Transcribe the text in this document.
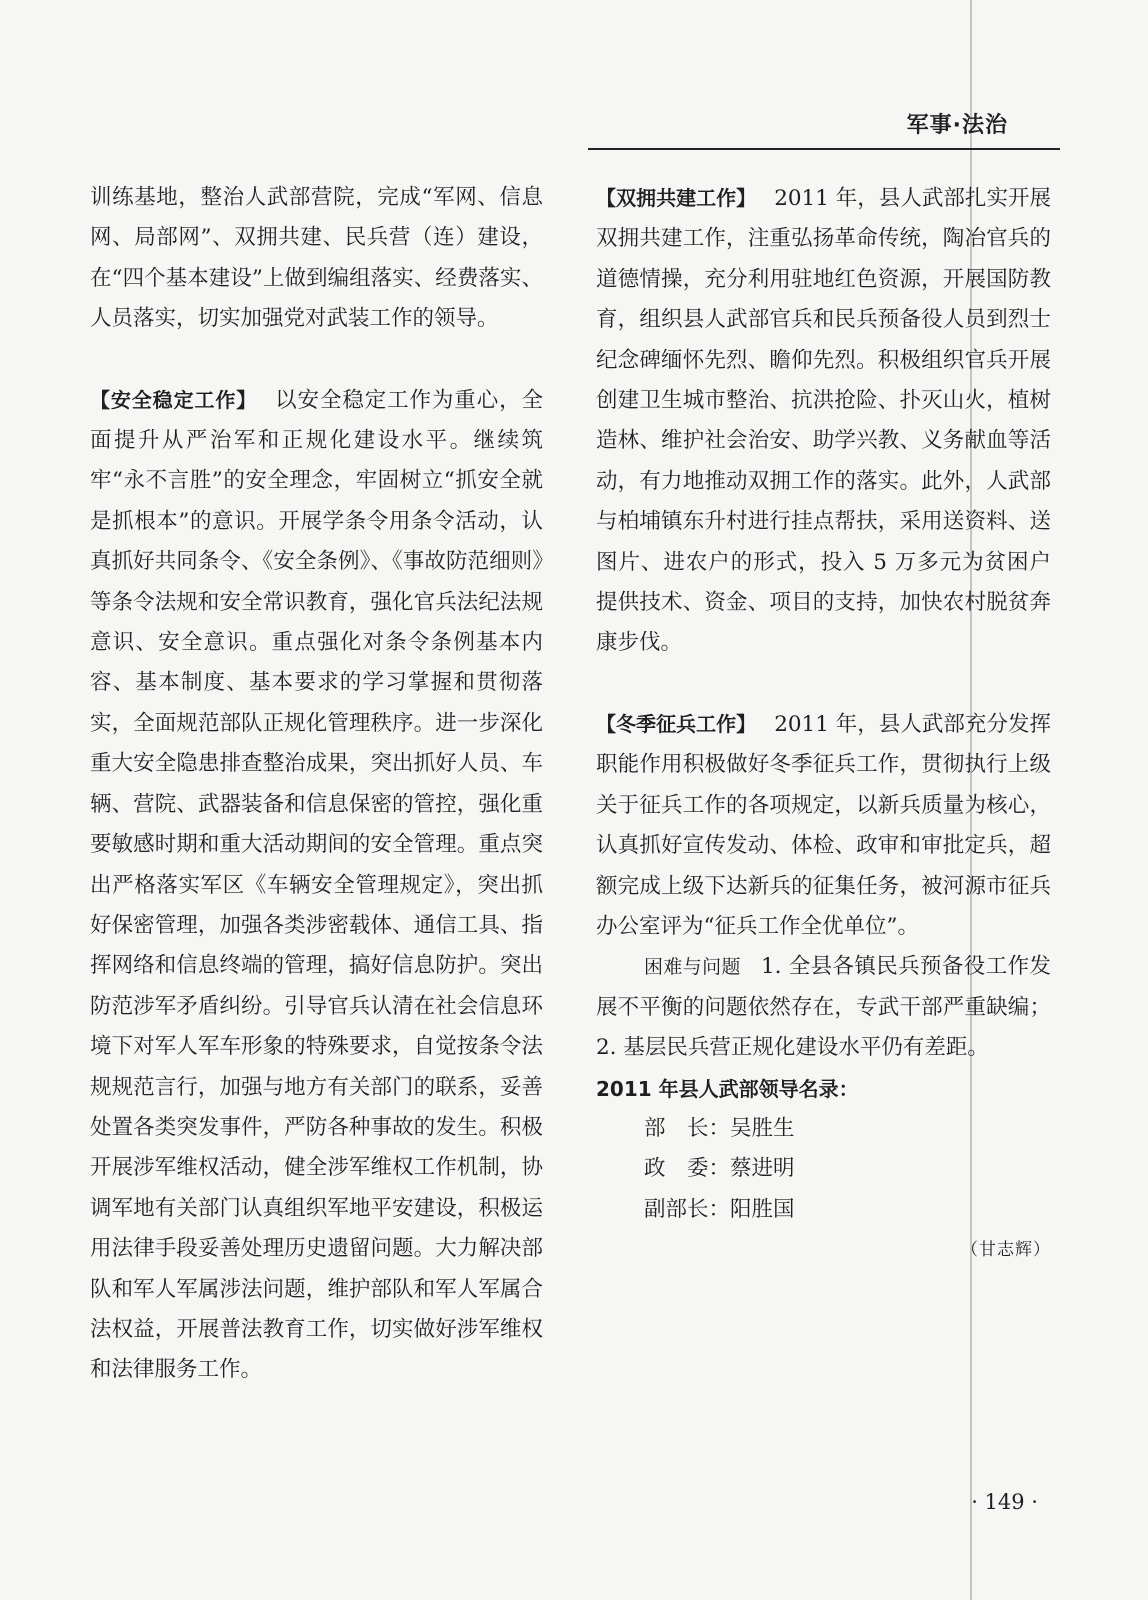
军事·法治

训练基地，整治人武部营院，完成“军网、信息网、局部网”、双拥共建、民兵营（连）建设，在“四个基本建设”上做到编组落实、经费落实、人员落实，切实加强党对武装工作的领导。

【安全稳定工作】 以安全稳定工作为重心，全面提升从严治军和正规化建设水平。继续筑牢“永不言胜”的安全理念，牢固树立“抓安全就是抓根本”的意识。开展学条令用条令活动，认真抓好共同条令、《安全条例》、《事故防范细则》等条令法规和安全常识教育，强化官兵法纪法规意识、安全意识。重点强化对条令条例基本内容、基本制度、基本要求的学习掌握和贯彻落实，全面规范部队正规化管理秩序。进一步深化重大安全隐患排查整治成果，突出抓好人员、车辆、营院、武器装备和信息保密的管控，强化重要敏感时期和重大活动期间的安全管理。重点突出严格落实军区《车辆安全管理规定》，突出抓好保密管理，加强各类涉密载体、通信工具、指挥网络和信息终端的管理，搞好信息防护。突出防范涉军矛盾纠纷。引导官兵认清在社会信息环境下对军人军车形象的特殊要求，自觉按条令法规规范言行，加强与地方有关部门的联系，妥善处置各类突发事件，严防各种事故的发生。积极开展涉军维权活动，健全涉军维权工作机制，协调军地有关部门认真组织军地平安建设，积极运用法律手段妥善处理历史遗留问题。大力解决部队和军人军属涉法问题，维护部队和军人军属合法权益，开展普法教育工作，切实做好涉军维权和法律服务工作。

【双拥共建工作】 2011 年，县人武部扎实开展双拥共建工作，注重弘扬革命传统，陶冶官兵的道德情操，充分利用驻地红色资源，开展国防教育，组织县人武部官兵和民兵预备役人员到烈士纪念碑缅怀先烈、瞻仰先烈。积极组织官兵开展创建卫生城市整治、抗洪抢险、扑灭山火，植树造林、维护社会治安、助学兴教、义务献血等活动，有力地推动双拥工作的落实。此外，人武部与柏埔镇东升村进行挂点帮扶，采用送资料、送图片、进农户的形式，投入 5 万多元为贫困户提供技术、资金、项目的支持，加快农村脱贫奔康步伐。

【冬季征兵工作】 2011 年，县人武部充分发挥职能作用积极做好冬季征兵工作，贯彻执行上级关于征兵工作的各项规定，以新兵质量为核心，认真抓好宣传发动、体检、政审和审批定兵，超额完成上级下达新兵的征集任务，被河源市征兵办公室评为“征兵工作全优单位”。

困难与问题 1. 全县各镇民兵预备役工作发展不平衡的问题依然存在，专武干部严重缺编；2. 基层民兵营正规化建设水平仍有差距。

2011 年县人武部领导名录：

部　长：吴胜生

政　委：蔡进明

副部长：阳胜国

（甘志辉）

· 149 ·
